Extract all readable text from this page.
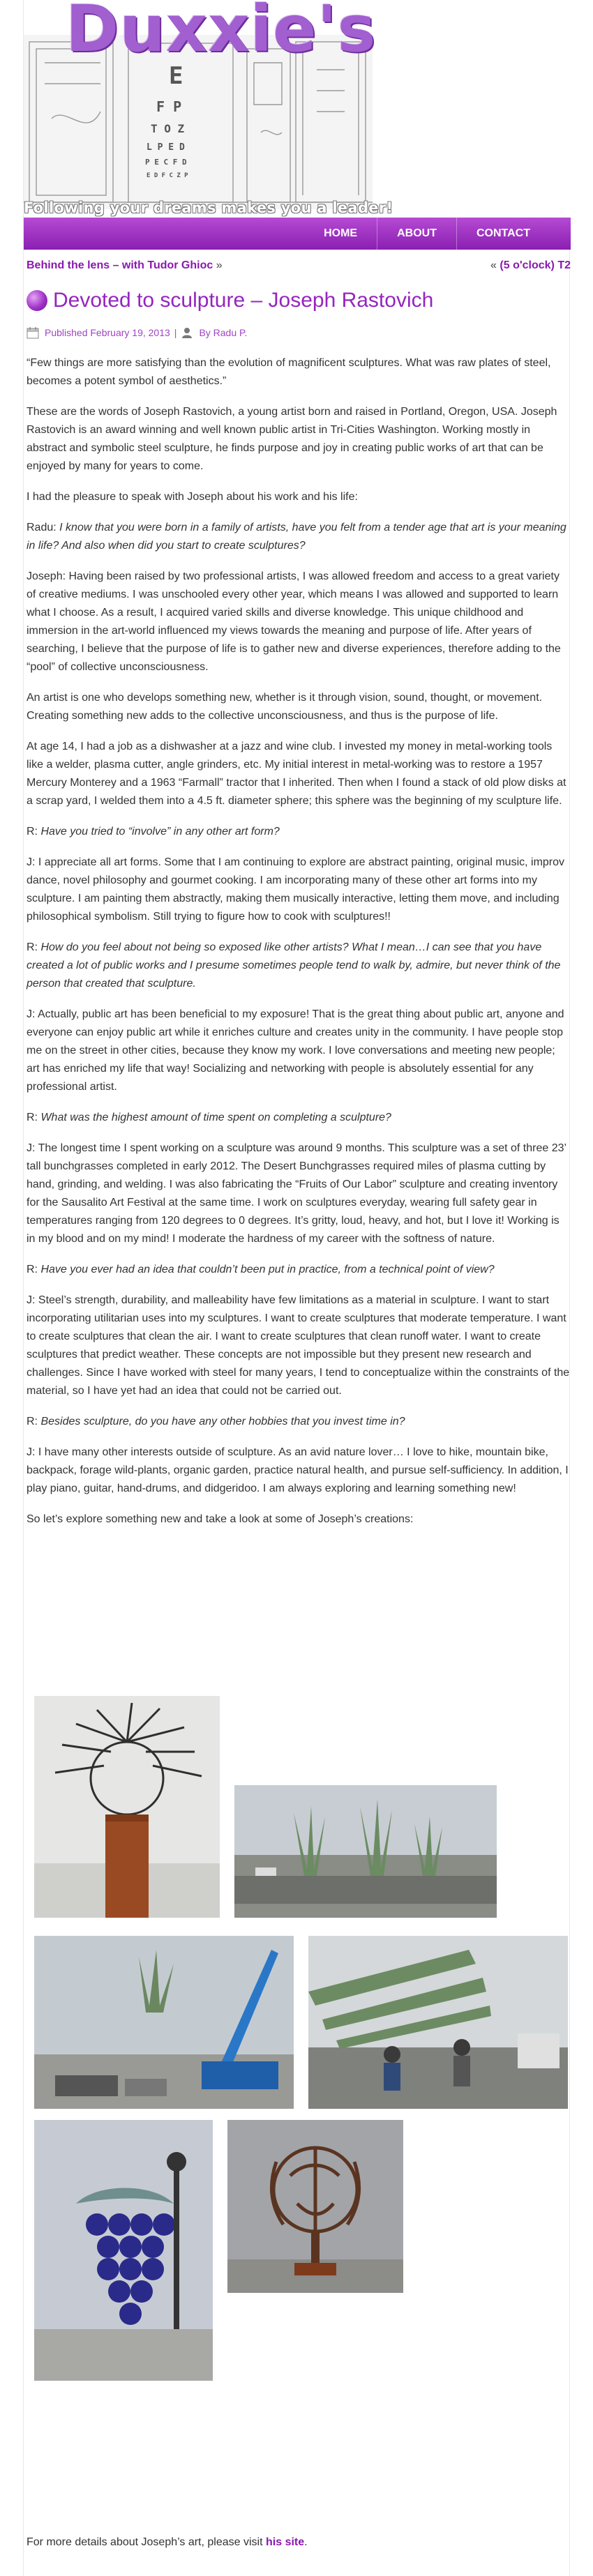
E
F P
T O Z
L P E D
P E C F D
E D F C Z P
Duxxie's
Following your dreams makes you a leader!
HOME	ABOUT	CONTACT
Behind the lens – with Tudor Ghioc »	« (5 o'clock) T2
Devoted to sculpture – Joseph Rastovich
Published February 19, 2013 | By Radu P.

“Few things are more satisfying than the evolution of magnificent sculptures. What was raw plates of steel, becomes a potent symbol of aesthetics.”

These are the words of Joseph Rastovich, a young artist born and raised in Portland, Oregon, USA. Joseph Rastovich is an award winning and well known public artist in Tri-Cities Washington. Working mostly in abstract and symbolic steel sculpture, he finds purpose and joy in creating public works of art that can be enjoyed by many for years to come.

I had the pleasure to speak with Joseph about his work and his life:

Radu: I know that you were born in a family of artists, have you felt from a tender age that art is your meaning in life? And also when did you start to create sculptures?

Joseph: Having been raised by two professional artists, I was allowed freedom and access to a great variety of creative mediums. I was unschooled every other year, which means I was allowed and supported to learn what I choose. As a result, I acquired varied skills and diverse knowledge. This unique childhood and immersion in the art-world influenced my views towards the meaning and purpose of life. After years of searching, I believe that the purpose of life is to gather new and diverse experiences, therefore adding to the “pool” of collective unconsciousness.

An artist is one who develops something new, whether is it through vision, sound, thought, or movement. Creating something new adds to the collective unconsciousness, and thus is the purpose of life.

At age 14, I had a job as a dishwasher at a jazz and wine club. I invested my money in metal-working tools like a welder, plasma cutter, angle grinders, etc. My initial interest in metal-working was to restore a 1957 Mercury Monterey and a 1963 “Farmall” tractor that I inherited. Then when I found a stack of old plow disks at a scrap yard, I welded them into a 4.5 ft. diameter sphere; this sphere was the beginning of my sculpture life.

R: Have you tried to “involve” in any other art form?

J: I appreciate all art forms. Some that I am continuing to explore are abstract painting, original music, improv dance, novel philosophy and gourmet cooking. I am incorporating many of these other art forms into my sculpture. I am painting them abstractly, making them musically interactive, letting them move, and including philosophical symbolism. Still trying to figure how to cook with sculptures!!

R: How do you feel about not being so exposed like other artists? What I mean…I can see that you have created a lot of public works and I presume sometimes people tend to walk by, admire, but never think of the person that created that sculpture.

J: Actually, public art has been beneficial to my exposure! That is the great thing about public art, anyone and everyone can enjoy public art while it enriches culture and creates unity in the community. I have people stop me on the street in other cities, because they know my work. I love conversations and meeting new people; art has enriched my life that way! Socializing and networking with people is absolutely essential for any professional artist.

R: What was the highest amount of time spent on completing a sculpture?

J: The longest time I spent working on a sculpture was around 9 months. This sculpture was a set of three 23’ tall bunchgrasses completed in early 2012. The Desert Bunchgrasses required miles of plasma cutting by hand, grinding, and welding. I was also fabricating the “Fruits of Our Labor” sculpture and creating inventory for the Sausalito Art Festival at the same time. I work on sculptures everyday, wearing full safety gear in temperatures ranging from 120 degrees to 0 degrees. It’s gritty, loud, heavy, and hot, but I love it! Working is in my blood and on my mind! I moderate the hardness of my career with the softness of nature.

R: Have you ever had an idea that couldn’t been put in practice, from a technical point of view?

J: Steel’s strength, durability, and malleability have few limitations as a material in sculpture. I want to start incorporating utilitarian uses into my sculptures. I want to create sculptures that moderate temperature. I want to create sculptures that clean the air. I want to create sculptures that clean runoff water. I want to create sculptures that predict weather. These concepts are not impossible but they present new research and challenges. Since I have worked with steel for many years, I tend to conceptualize within the constraints of the material, so I have yet had an idea that could not be carried out.

R: Besides sculpture, do you have any other hobbies that you invest time in?

J: I have many other interests outside of sculpture. As an avid nature lover… I love to hike, mountain bike, backpack, forage wild-plants, organic garden, practice natural health, and pursue self-sufficiency. In addition, I play piano, guitar, hand-drums, and didgeridoo. I am always exploring and learning something new!

So let’s explore something new and take a look at some of Joseph’s creations:

For more details about Joseph’s art, please visit his site.
